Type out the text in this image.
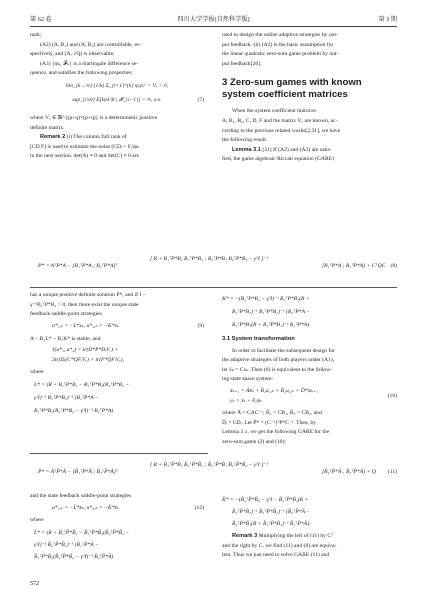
第 62 卷	四川大学学报(自然科学版)	第 3 期

rank;

(A2) (A, B₁) and (A, B₂) are controllable, re-

spectively, and (A, √Q) is observable;

(A3) {ψₖ, 𝓕ₖ} is a martingale difference se-

quence, and satisfies the following properties:

lim_{k→∞} (1/k) Σ_{i=1}^{k} ψᵢψᵢᵀ = Vᵥ > 0,
sup_{i≥0} E[‖ψᵢ‖^β | 𝓕_{i−1}] < ∞, a.s.	(7)

where Vᵥ ∈ ℝ^{(p+q)×(p+q)} is a deterministic positive

definite matrix.

Remark 2 (i) The column full rank of

[CD F] is used to estimate the noise (CDᵢ + Fᵢ)ψₖ

in the next section. det(A) ≠ 0 and det(C) ≠ 0 are

used to design the online adaptive strategies by out-

put feedback. (ii) (A2) is the basic assumption for

the linear quadratic zero-sum game problem by out-

put feedback[26].

3 Zero-sum games with known system coefficient matrices

When the system coefficient matrices

A, B₁, B₂, C, D, F and the matrix Vᵥ are known, ac-

cording to the previous related works[2,31], we have

the following result.

Lemma 3.1 [31] If (A2) and (A3) are satis-

fied, the game algebraic Riccati equation (GARE)

P* = AᵀP*A − [B₁ᵀP*A ; B₂ᵀP*A]ᵀ
[ R + B₁ᵀP*B₁ B₁ᵀP*B₂ ; B₂ᵀP*B₁ B₂ᵀP*B₂ − γ²I ]⁻¹
[B₁ᵀP*A ; B₂ᵀP*A] + CᵀQC (8)

has a unique positive definite solution P*, and if I −

γ⁻²B₂ᵀP*B₂ > 0, then there exist the unique state

feedback saddle-point strategies

u*₁,ₖ = −L*xₖ, u*₂,ₖ = −K*xₖ	(9)

A − B₁L* − B₂K* is stable, and

J(u*₁, u*₂) = tr(D*P*DᵢVᵥ) +
2tr(Dᵢ(C*QFᵢVᵥ) + tr(F*QFᵢVᵥ),

where

L* = (R + B₁ᵀP*B₁ − B₁ᵀP*B₂(B₂ᵀP*B₂ −
γ²I)⁻¹ B₂ᵀP*B₁)⁻¹ (B₁ᵀP*A −
B₁ᵀP*B₂(B₂ᵀP*B₂ − γ²I)⁻¹ B₂ᵀP*A)
K* = −(B₂ᵀP*B₂ − γ²I)⁻¹ B₂ᵀP*B₁(R +
B₁ᵀP*B₁)⁻¹ B₁ᵀP*B₂)⁻¹ (B₂ᵀP*A −
B₂ᵀP*B₁(R + B₁ᵀP*B₁)⁻¹ B₁ᵀP*A).
3.1 System transformation

In order to facilitate the subsequent design for

the adaptive strategies of both players under (A1),

let x̄ₖ = Cxₖ. Then (6) is equivalent to the follow-

ing state space system:

x̄ₖ₊₁ = Āx̄ₖ + B̄₁u₁,ₖ + B̄₂u₂,ₖ + D̄*ψₖ₊₁
yₖ = x̄ₖ + Fᵢψₖ
(10)

where Ā = CAC⁻¹, B̄₁ = CB₁, B̄₂ = CB₂, and

D̄ᵢ = CDᵢ. Let P̄* = (C⁻¹)ᵀP*C⁻¹. Then, by

Lemma 3.1, we get the following GARE for the

zero-sum game (2) and (10):

P̄* = ĀᵀP̄*Ā − [B̄₁ᵀP̄*Ā ; B̄₂ᵀP̄*Ā]ᵀ
[ R + B̄₁ᵀP̄*B̄₁ B̄₁ᵀP̄*B̄₂ ; B̄₂ᵀP̄*B̄₁ B̄₂ᵀP̄*B̄₂ − γ²I ]⁻¹
[B̄₁ᵀP̄*Ā ; B̄₂ᵀP̄*Ā] + Q (11)

and the state feedback saddle-point strategies

u*₁,ₖ = −L̄*x̄ₖ, u*₂,ₖ = −K̄*x̄ₖ	(12)

where

L̄* = (R + B̄₁ᵀP̄*B̄₁ − B̄₁ᵀP̄*B̄₂(B̄₂ᵀP̄*B̄₂ −
γ²I)⁻¹ B̄₂ᵀP̄*B̄₁)⁻¹ (B̄₁ᵀP̄*Ā −
B̄₁ᵀP̄*B̄₂(B̄₂ᵀP̄*B̄₂ − γ²I)⁻¹ B̄₂ᵀP̄*Ā)
K̄* = −(B̄₂ᵀP̄*B̄₂ − γ²I − B̄₂ᵀP̄*B̄₁(R +
B̄₁ᵀP̄*B̄₁)⁻¹ B̄₁ᵀP̄*B̄₂)⁻¹ (B̄₂ᵀP̄*Ā −
B̄₂ᵀP̄*B̄₁(R + B̄₁ᵀP̄*B̄₁)⁻¹ B̄₁ᵀP̄*Ā).

Remark 3 Multiplying the left of (11) by Cᵀ

and the right by C, we find (11) and (8) are equiva-

lent. Thus we just need to solve GARE (11) and

572
